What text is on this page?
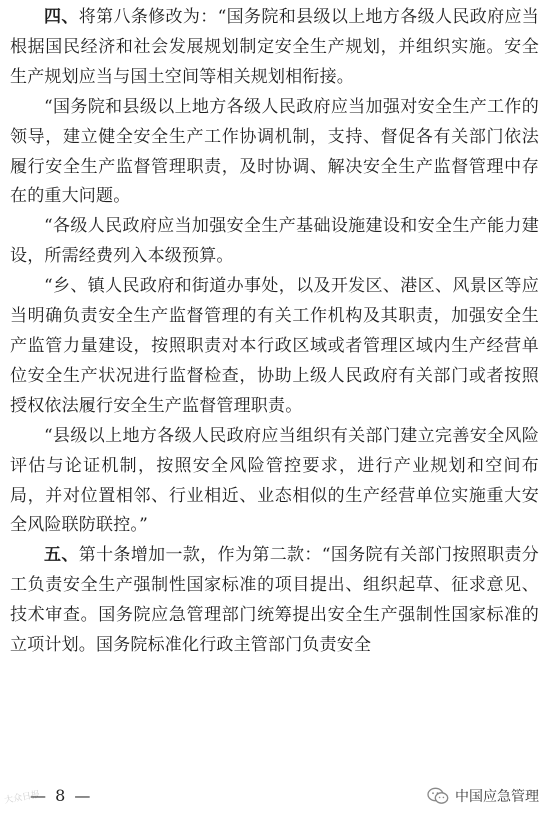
四、将第八条修改为：“国务院和县级以上地方各级人民政府应当根据国民经济和社会发展规划制定安全生产规划，并组织实施。安全生产规划应当与国土空间等相关规划相衔接。

“国务院和县级以上地方各级人民政府应当加强对安全生产工作的领导，建立健全安全生产工作协调机制，支持、督促各有关部门依法履行安全生产监督管理职责，及时协调、解决安全生产监督管理中存在的重大问题。

“各级人民政府应当加强安全生产基础设施建设和安全生产能力建设，所需经费列入本级预算。

“乡、镇人民政府和街道办事处，以及开发区、港区、风景区等应当明确负责安全生产监督管理的有关工作机构及其职责，加强安全生产监管力量建设，按照职责对本行政区域或者管理区域内生产经营单位安全生产状况进行监督检查，协助上级人民政府有关部门或者按照授权依法履行安全生产监督管理职责。

“县级以上地方各级人民政府应当组织有关部门建立完善安全风险评估与论证机制，按照安全风险管控要求，进行产业规划和空间布局，并对位置相邻、行业相近、业态相似的生产经营单位实施重大安全风险联防联控。”

五、第十条增加一款，作为第二款：“国务院有关部门按照职责分工负责安全生产强制性国家标准的项目提出、组织起草、征求意见、技术审查。国务院应急管理部门统筹提出安全生产强制性国家标准的立项计划。国务院标准化行政主管部门负责安全

大众日报
— 8 —	中国应急管理
